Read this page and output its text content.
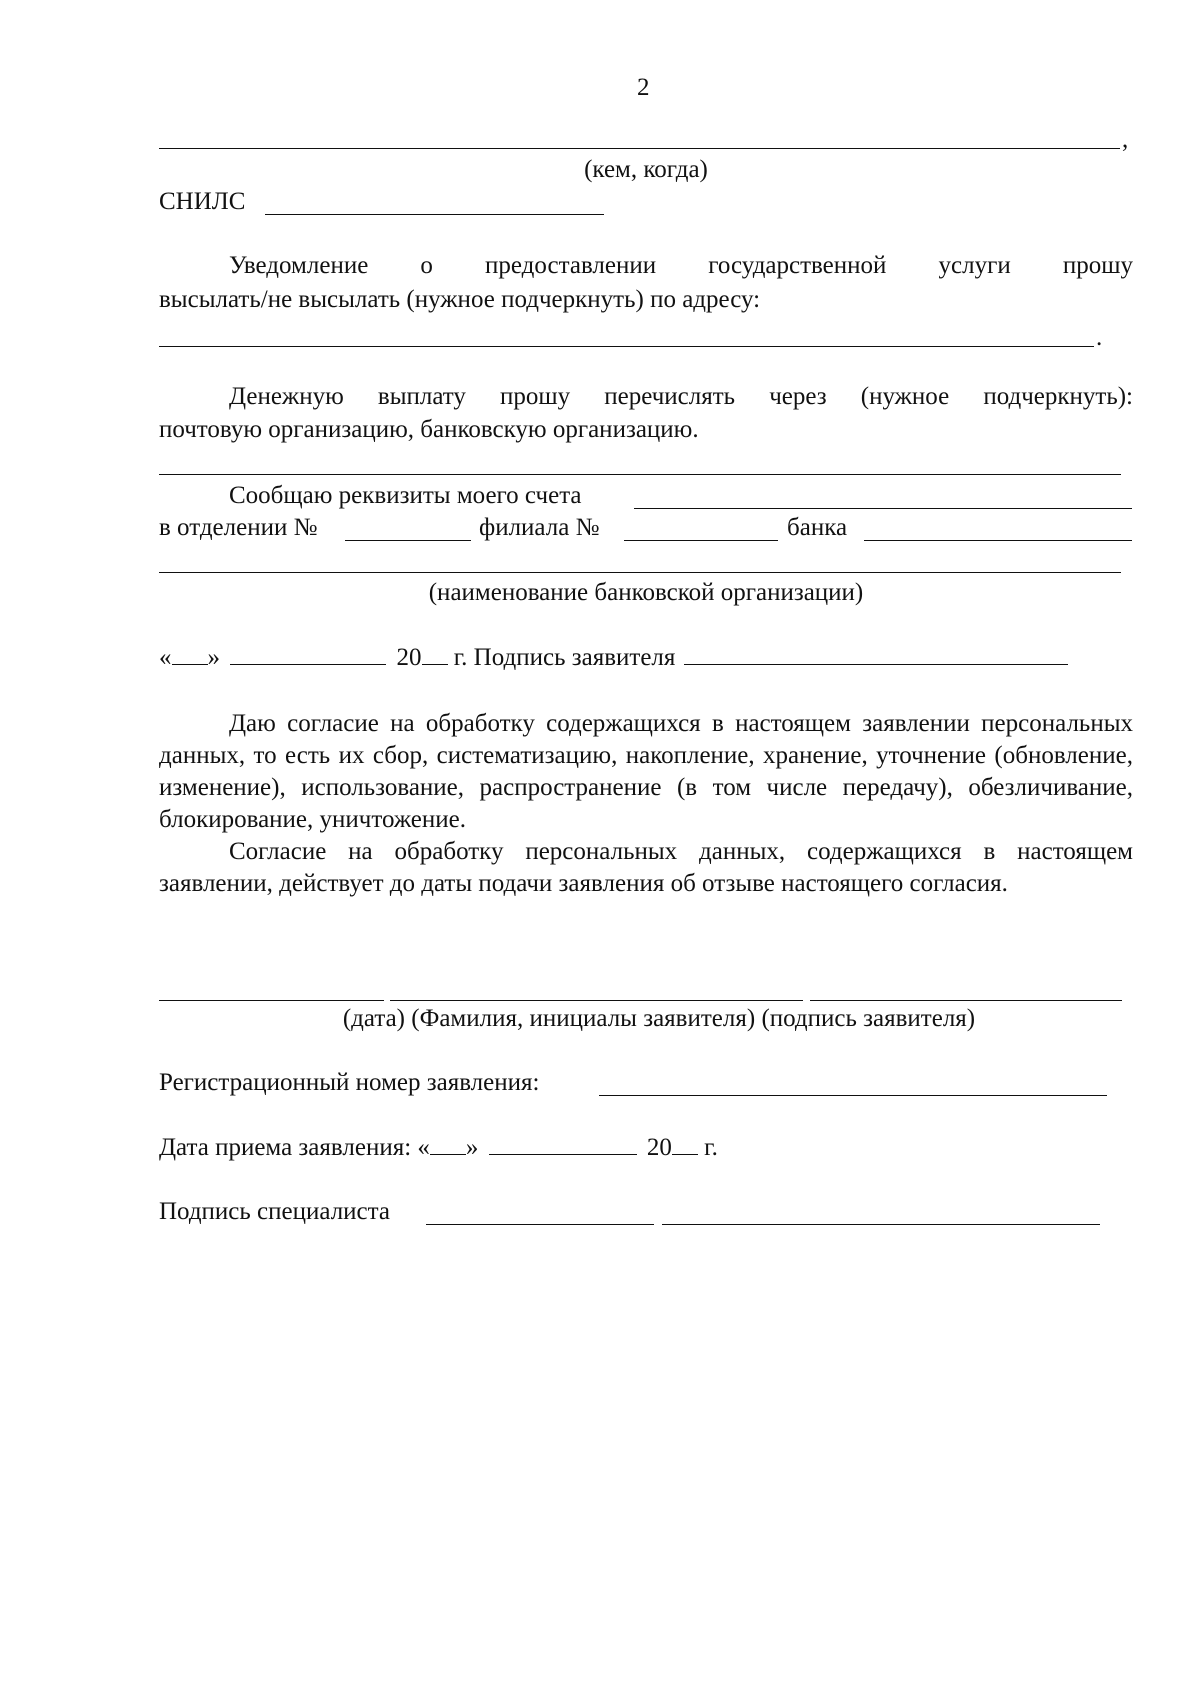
2
,
(кем, когда)
СНИЛС
Уведомление о предоставлении государственной услуги прошу
высылать/не высылать (нужное подчеркнуть) по адресу:
.
Денежную выплату прошу перечислять через (нужное подчеркнуть):
почтовую организацию, банковскую организацию.
Сообщаю реквизиты моего счета
в отделении №	филиала №	банка
(наименование банковской организации)
« »	20 г. Подпись заявителя

Даю согласие на обработку содержащихся в настоящем заявлении персональных данных, то есть их сбор, систематизацию, накопление, хранение, уточнение (обновление, изменение), использование, распространение (в том числе передачу), обезличивание, блокирование, уничтожение.

Согласие на обработку персональных данных, содержащихся в настоящем заявлении, действует до даты подачи заявления об отзыве настоящего согласия.

(дата) (Фамилия, инициалы заявителя) (подпись заявителя)
Регистрационный номер заявления:
Дата приема заявления: « »	20 г.
Подпись специалиста
